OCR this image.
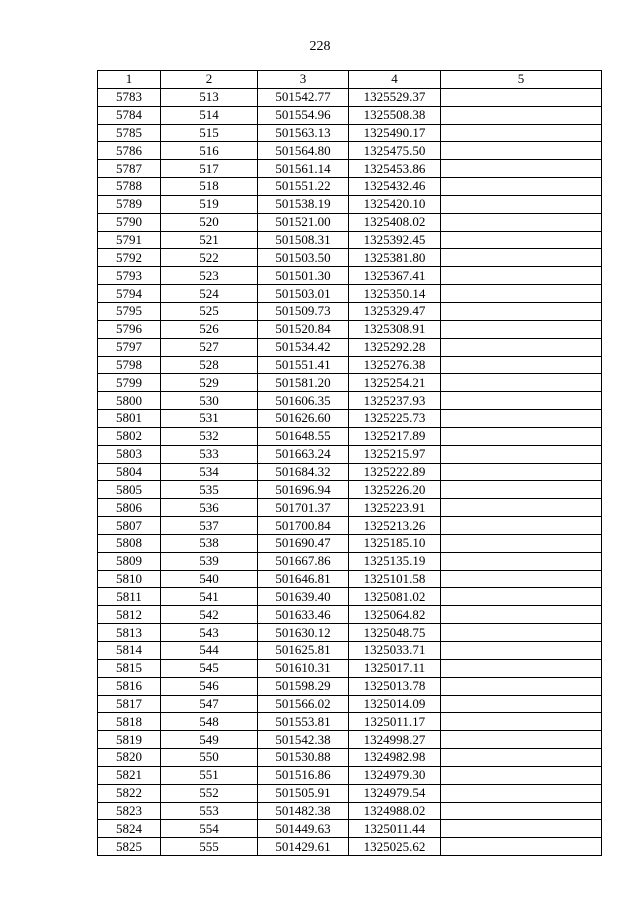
228
1	2	3	4	5
5783	513	501542.77	1325529.37	
5784	514	501554.96	1325508.38	
5785	515	501563.13	1325490.17	
5786	516	501564.80	1325475.50	
5787	517	501561.14	1325453.86	
5788	518	501551.22	1325432.46	
5789	519	501538.19	1325420.10	
5790	520	501521.00	1325408.02	
5791	521	501508.31	1325392.45	
5792	522	501503.50	1325381.80	
5793	523	501501.30	1325367.41	
5794	524	501503.01	1325350.14	
5795	525	501509.73	1325329.47	
5796	526	501520.84	1325308.91	
5797	527	501534.42	1325292.28	
5798	528	501551.41	1325276.38	
5799	529	501581.20	1325254.21	
5800	530	501606.35	1325237.93	
5801	531	501626.60	1325225.73	
5802	532	501648.55	1325217.89	
5803	533	501663.24	1325215.97	
5804	534	501684.32	1325222.89	
5805	535	501696.94	1325226.20	
5806	536	501701.37	1325223.91	
5807	537	501700.84	1325213.26	
5808	538	501690.47	1325185.10	
5809	539	501667.86	1325135.19	
5810	540	501646.81	1325101.58	
5811	541	501639.40	1325081.02	
5812	542	501633.46	1325064.82	
5813	543	501630.12	1325048.75	
5814	544	501625.81	1325033.71	
5815	545	501610.31	1325017.11	
5816	546	501598.29	1325013.78	
5817	547	501566.02	1325014.09	
5818	548	501553.81	1325011.17	
5819	549	501542.38	1324998.27	
5820	550	501530.88	1324982.98	
5821	551	501516.86	1324979.30	
5822	552	501505.91	1324979.54	
5823	553	501482.38	1324988.02	
5824	554	501449.63	1325011.44	
5825	555	501429.61	1325025.62	
